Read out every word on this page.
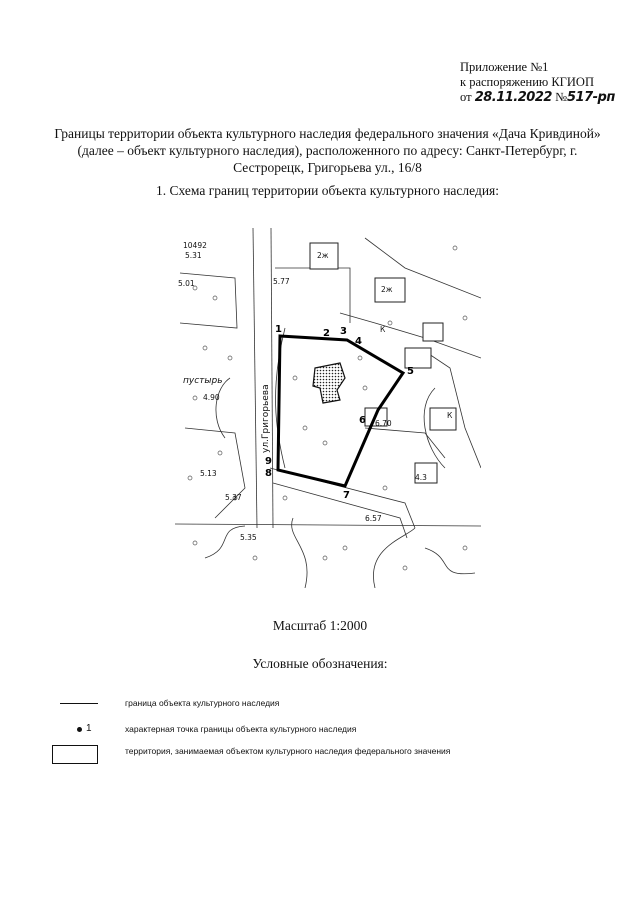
Приложение №1
к распоряжению КГИОП
от 28.11.2022 №517-рп
Границы территории объекта культурного наследия федерального значения «Дача Кривдиной»
(далее – объект культурного наследия), расположенного по адресу: Санкт-Петербург, г.
Сестрорецк, Григорьева ул., 16/8
1. Схема границ территории объекта культурного наследия:
10492
5.31
5.01	5.77
4.90
5.13
5.37
5.35
6.57
6.70
4.3
2ж
2ж
К
К
пустырь
ул.Григорьева
1	2 3
4
5
6
7
8
9
Масштаб 1:2000
Условные обозначения:
граница объекта культурного наследия
1	характерная точка границы объекта культурного наследия
территория, занимаемая объектом культурного наследия федерального значения
